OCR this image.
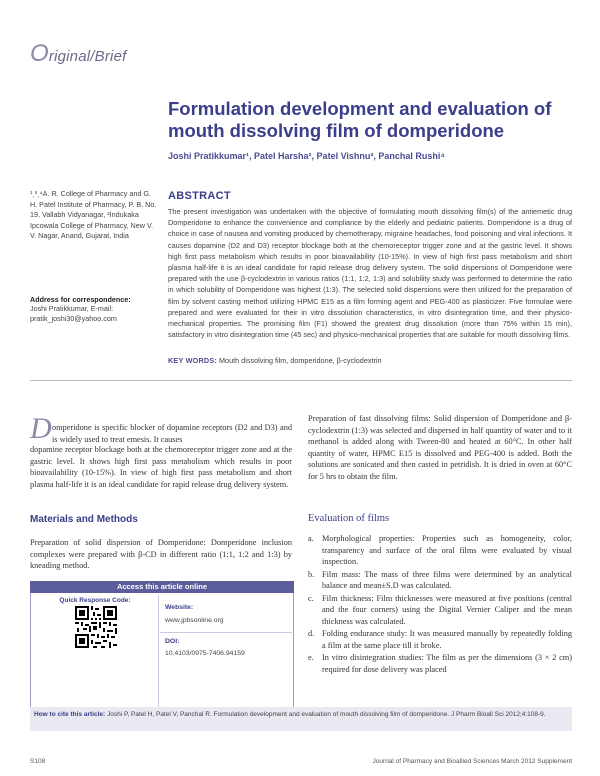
Original/Brief
Formulation development and evaluation of mouth dissolving film of domperidone
Joshi Pratikkumar¹, Patel Harsha², Patel Vishnu³, Panchal Rushi⁴
¹ˎ³ˎ⁴A. R. College of Pharmacy and G. H. Patel Institute of Pharmacy, P. B. No. 19, Vallabh Vidyanagar, ²Indukaka Ipcowala College of Pharmacy, New V. V. Nagar, Anand, Gujarat, India
Address for correspondence:
Joshi Pratikkumar, E-mail: pratik_joshi30@yahoo.com
ABSTRACT
The present investigation was undertaken with the objective of formulating mouth dissolving film(s) of the antiemetic drug Domperidone to enhance the convenience and compliance by the elderly and pediatric patients. Domperidone is a drug of choice in case of nausea and vomiting produced by chemotherapy, migraine headaches, food poisoning and viral infections. It causes dopamine (D2 and D3) receptor blockage both at the chemoreceptor trigger zone and at the gastric level. It shows high first pass metabolism which results in poor bioavailability (10-15%). In view of high first pass metabolism and short plasma half-life it is an ideal candidate for rapid release drug delivery system. The solid dispersions of Domperidone were prepared with the use β-cyclodextrin in various ratios (1:1, 1:2, 1:3) and solubility study was performed to determine the ratio in which solubility of Domperidone was highest (1:3). The selected solid dispersions were then utilized for the preparation of film by solvent casting method utilizing HPMC E15 as a film forming agent and PEG-400 as plasticizer. Five formulae were prepared and were evaluated for their in vitro dissolution characteristics, in vitro disintegration time, and their physico-mechanical properties. The promising film (F1) showed the greatest drug dissolution (more than 75% within 15 min), satisfactory in vitro disintegration time (45 sec) and physico-mechanical properties that are suitable for mouth dissolving films.
KEY WORDS: Mouth dissolving film, domperidone, β-cyclodextrin
D omperidone is specific blocker of dopamine receptors (D2 and D3) and is widely used to treat emesis. It causes
dopamine receptor blockage both at the chemoreceptor trigger zone and at the gastric level. It shows high first pass metabolism which results in poor bioavailability (10-15%). In view of high first pass metabolism and short plasma half-life it is an ideal candidate for rapid release drug delivery system.
Materials and Methods
Preparation of solid dispersion of Domperidone: Domperidone inclusion complexes were prepared with β-CD in different ratio (1:1, 1:2 and 1:3) by kneading method.
Access this article online
Quick Response Code:
Website:
www.jpbsonline.org
DOI:
10.4103/0975-7406.94159
Preparation of fast dissolving films: Solid dispersion of Domperidone and β-cyclodextrin (1:3) was selected and dispersed in half quantity of water and to it methanol is added along with Tween-80 and heated at 60°C. In other half quantity of water, HPMC E15 is dissolved and PEG-400 is added. Both the solutions are sonicated and then casted in petridish. It is dried in oven at 60°C for 5 hrs to obtain the film.
Evaluation of films
a. Morphological properties: Properties such as homogeneity, color, transparency and surface of the oral films were evaluated by visual inspection.
b. Film mass: The mass of three films were determined by an analytical balance and mean±S.D was calculated.
c. Film thickness: Film thicknesses were measured at five positions (central and the four corners) using the Digital Vernier Caliper and the mean thickness was calculated.
d. Folding endurance study: It was measured manually by repeatedly folding a film at the same place till it broke.
e. In vitro disintegration studies: The film as per the dimensions (3 × 2 cm) required for dose delivery was placed
How to cite this article: Joshi P, Patel H, Patel V, Panchal R. Formulation development and evaluation of mouth dissolving film of domperidone. J Pharm Bioall Sci 2012;4:108-9.
S108	Journal of Pharmacy and Bioallied Sciences March 2012 Supplement
